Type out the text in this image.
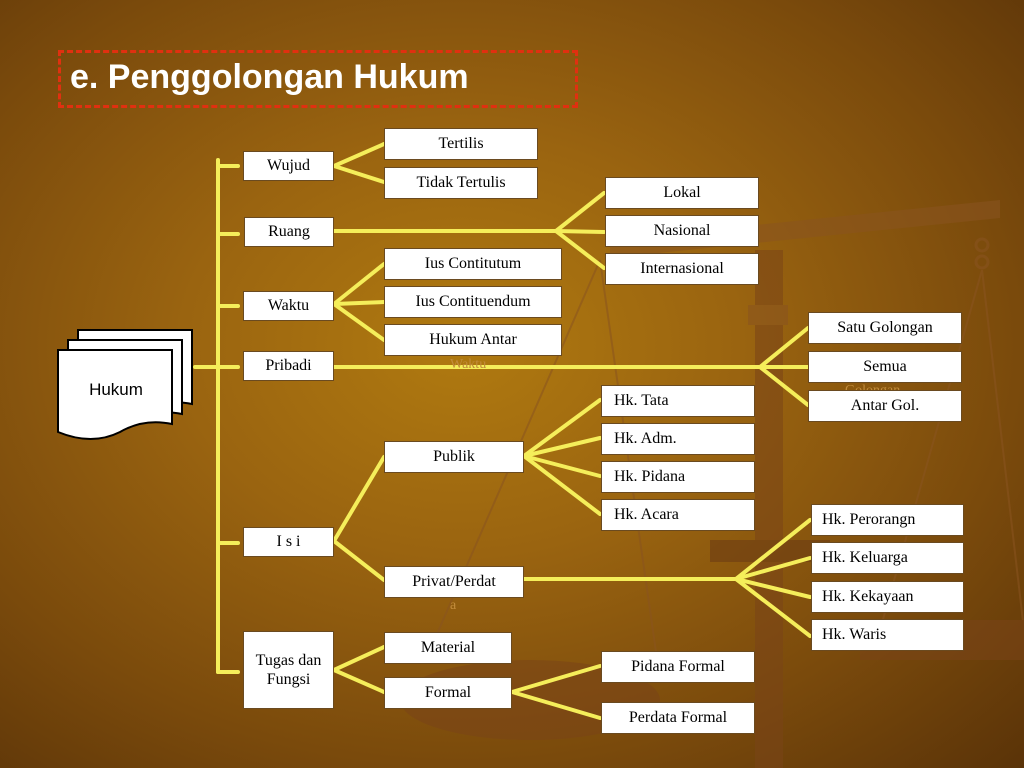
e. Penggolongan Hukum
Hukum
Wujud
Ruang
Waktu
Pribadi
I s i
Tugas dan Fungsi
Tertilis
Tidak Tertulis
Lokal
Nasional
Internasional
Ius Contitutum
Ius Contituendum
Hukum Antar
Waktu
Satu Golongan
Semua
Antar Gol.
Publik
Privat/Perdat
a
Hk. Tata
Hk. Adm.
Hk. Pidana
Hk. Acara	Hk. Perorangn
Hk. Keluarga
Hk. Kekayaan
Hk. Waris
Material
Formal
Pidana Formal
Perdata Formal
